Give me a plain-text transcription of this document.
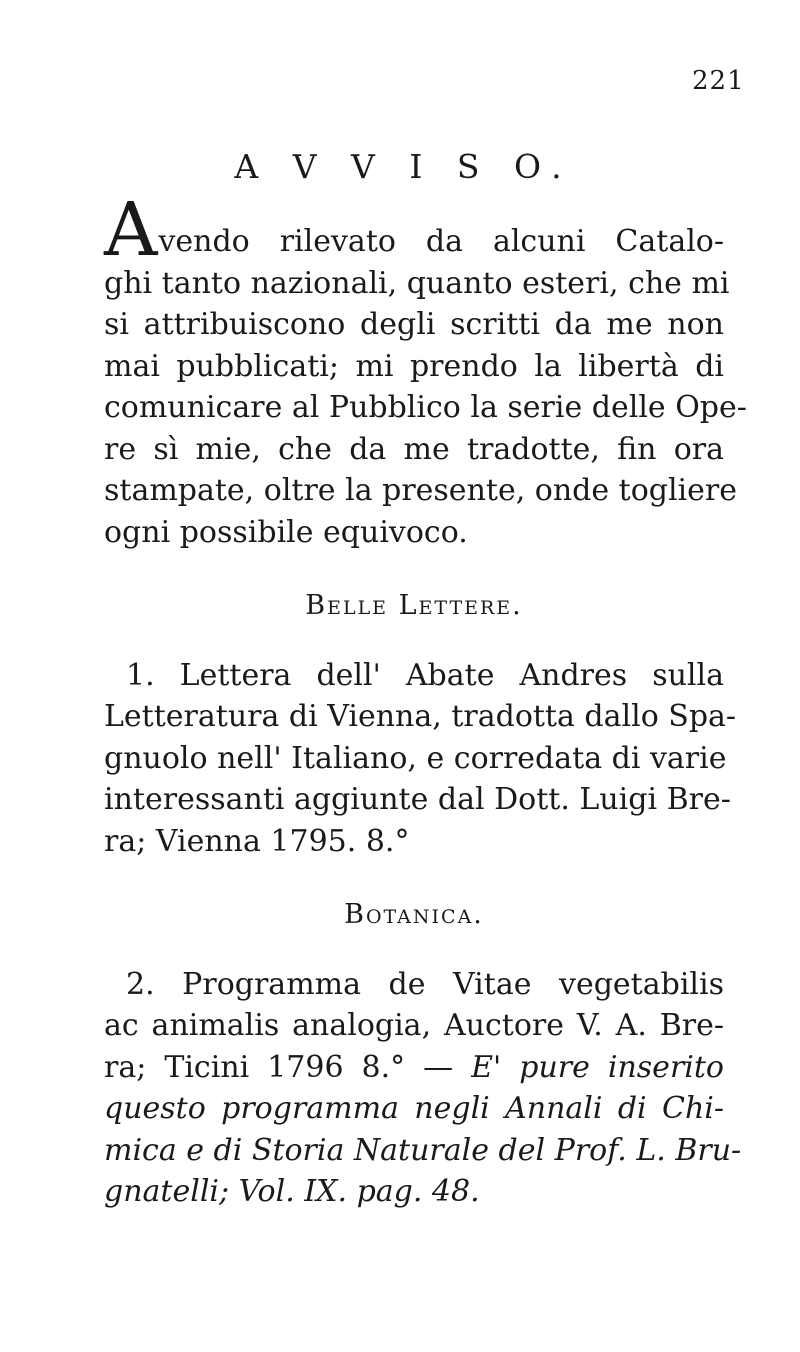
221
A V V I S O.
Avendo rilevato da alcuni Catalo-
ghi tanto nazionali, quanto esteri, che mi
si attribuiscono degli scritti da me non
mai pubblicati; mi prendo la libertà di
comunicare al Pubblico la serie delle Ope-
re sì mie, che da me tradotte, fin ora
stampate, oltre la presente, onde togliere
ogni possibile equivoco.
Belle Lettere.
1. Lettera dell' Abate Andres sulla
Letteratura di Vienna, tradotta dallo Spa-
gnuolo nell' Italiano, e corredata di varie
interessanti aggiunte dal Dott. Luigi Bre-
ra; Vienna 1795. 8.°
Botanica.
2. Programma de Vitae vegetabilis
ac animalis analogia, Auctore V. A. Bre-
ra; Ticini 1796 8.° — E' pure inserito
questo programma negli Annali di Chi-
mica e di Storia Naturale del Prof. L. Bru-
gnatelli; Vol. IX. pag. 48.
